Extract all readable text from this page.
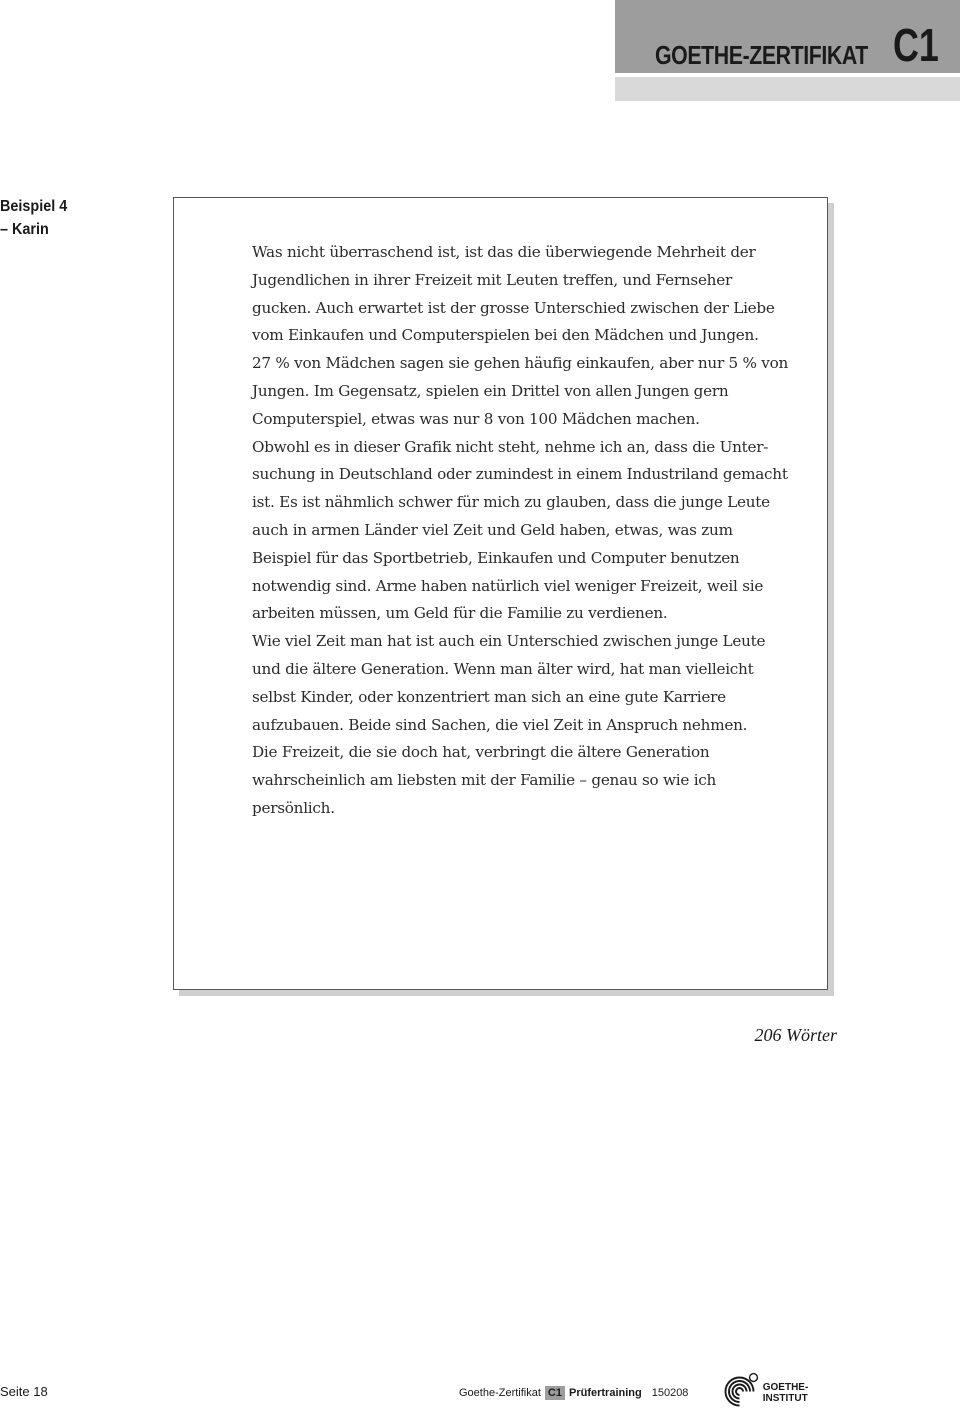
GOETHE-ZERTIFIKAT C1
Beispiel 4
– Karin

Was nicht überraschend ist, ist das die überwiegende Mehrheit der

Jugendlichen in ihrer Freizeit mit Leuten treffen, und Fernseher

gucken. Auch erwartet ist der grosse Unterschied zwischen der Liebe

vom Einkaufen und Computerspielen bei den Mädchen und Jungen.

27 % von Mädchen sagen sie gehen häufig einkaufen, aber nur 5 % von

Jungen. Im Gegensatz, spielen ein Drittel von allen Jungen gern

Computerspiel, etwas was nur 8 von 100 Mädchen machen.

Obwohl es in dieser Grafik nicht steht, nehme ich an, dass die Unter-

suchung in Deutschland oder zumindest in einem Industriland gemacht

ist. Es ist nähmlich schwer für mich zu glauben, dass die junge Leute

auch in armen Länder viel Zeit und Geld haben, etwas, was zum

Beispiel für das Sportbetrieb, Einkaufen und Computer benutzen

notwendig sind. Arme haben natürlich viel weniger Freizeit, weil sie

arbeiten müssen, um Geld für die Familie zu verdienen.

Wie viel Zeit man hat ist auch ein Unterschied zwischen junge Leute

und die ältere Generation. Wenn man älter wird, hat man vielleicht

selbst Kinder, oder konzentriert man sich an eine gute Karriere

aufzubauen. Beide sind Sachen, die viel Zeit in Anspruch nehmen.

Die Freizeit, die sie doch hat, verbringt die ältere Generation

wahrscheinlich am liebsten mit der Familie – genau so wie ich

persönlich.

206 Wörter
Seite 18	Goethe-Zertifikat C1 Prüfertraining 150208	GOETHE-INSTITUT
